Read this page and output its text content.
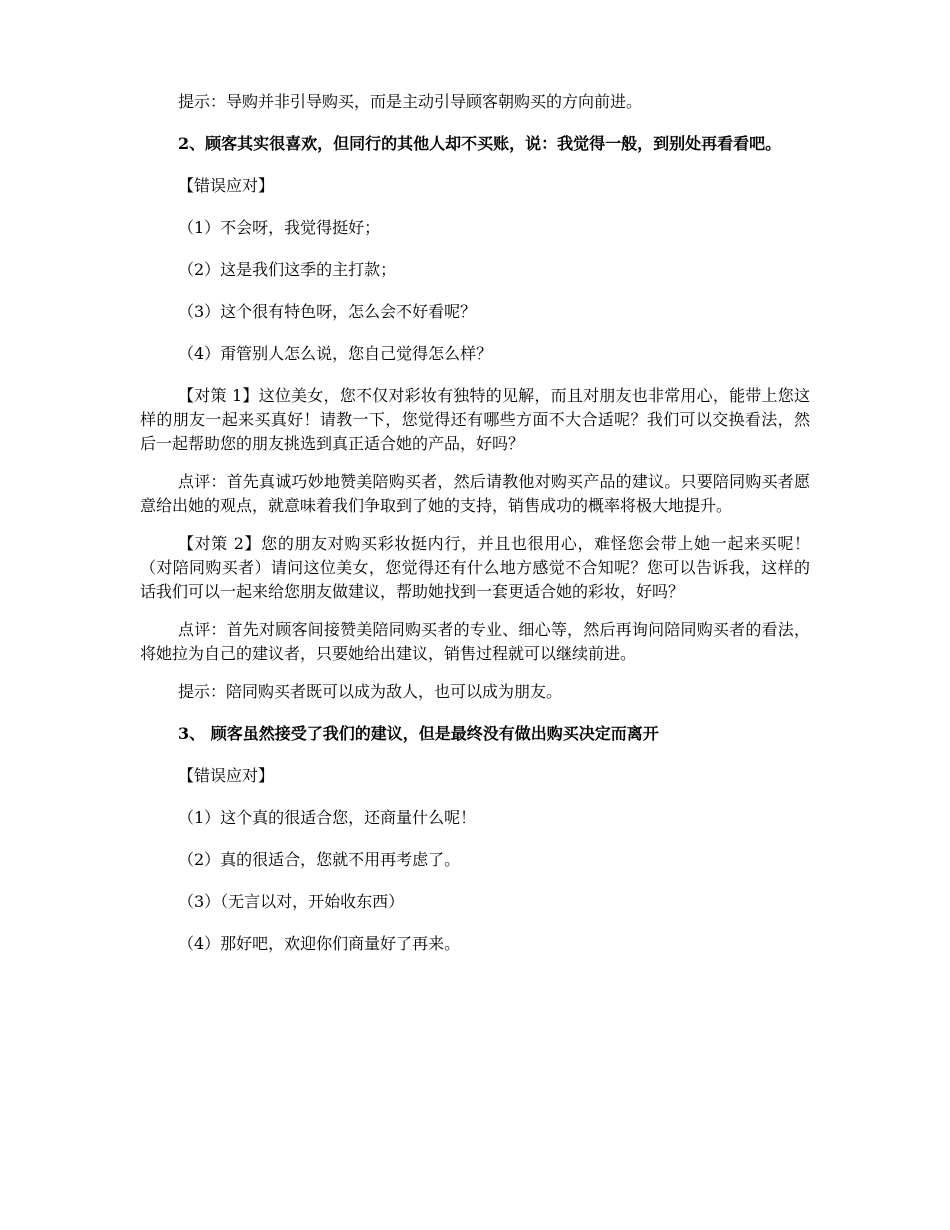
提示：导购并非引导购买，而是主动引导顾客朝购买的方向前进。

2、顾客其实很喜欢，但同行的其他人却不买账，说：我觉得一般，到别处再看看吧。

【错误应对】

（1）不会呀，我觉得挺好；

（2）这是我们这季的主打款；

（3）这个很有特色呀，怎么会不好看呢？

（4）甭管别人怎么说，您自己觉得怎么样？

【对策 1】这位美女，您不仅对彩妆有独特的见解，而且对朋友也非常用心，能带上您这样的朋友一起来买真好！请教一下，您觉得还有哪些方面不大合适呢？我们可以交换看法，然后一起帮助您的朋友挑选到真正适合她的产品，好吗？

点评：首先真诚巧妙地赞美陪购买者，然后请教他对购买产品的建议。只要陪同购买者愿意给出她的观点，就意味着我们争取到了她的支持，销售成功的概率将极大地提升。

【对策 2】您的朋友对购买彩妆挺内行，并且也很用心，难怪您会带上她一起来买呢！（对陪同购买者）请问这位美女，您觉得还有什么地方感觉不合知呢？您可以告诉我，这样的话我们可以一起来给您朋友做建议，帮助她找到一套更适合她的彩妆，好吗？

点评：首先对顾客间接赞美陪同购买者的专业、细心等，然后再询问陪同购买者的看法，将她拉为自己的建议者，只要她给出建议，销售过程就可以继续前进。

提示：陪同购买者既可以成为敌人，也可以成为朋友。

3、 顾客虽然接受了我们的建议，但是最终没有做出购买决定而离开

【错误应对】

（1）这个真的很适合您，还商量什么呢！

（2）真的很适合，您就不用再考虑了。

（3）（无言以对，开始收东西）

（4）那好吧，欢迎你们商量好了再来。
